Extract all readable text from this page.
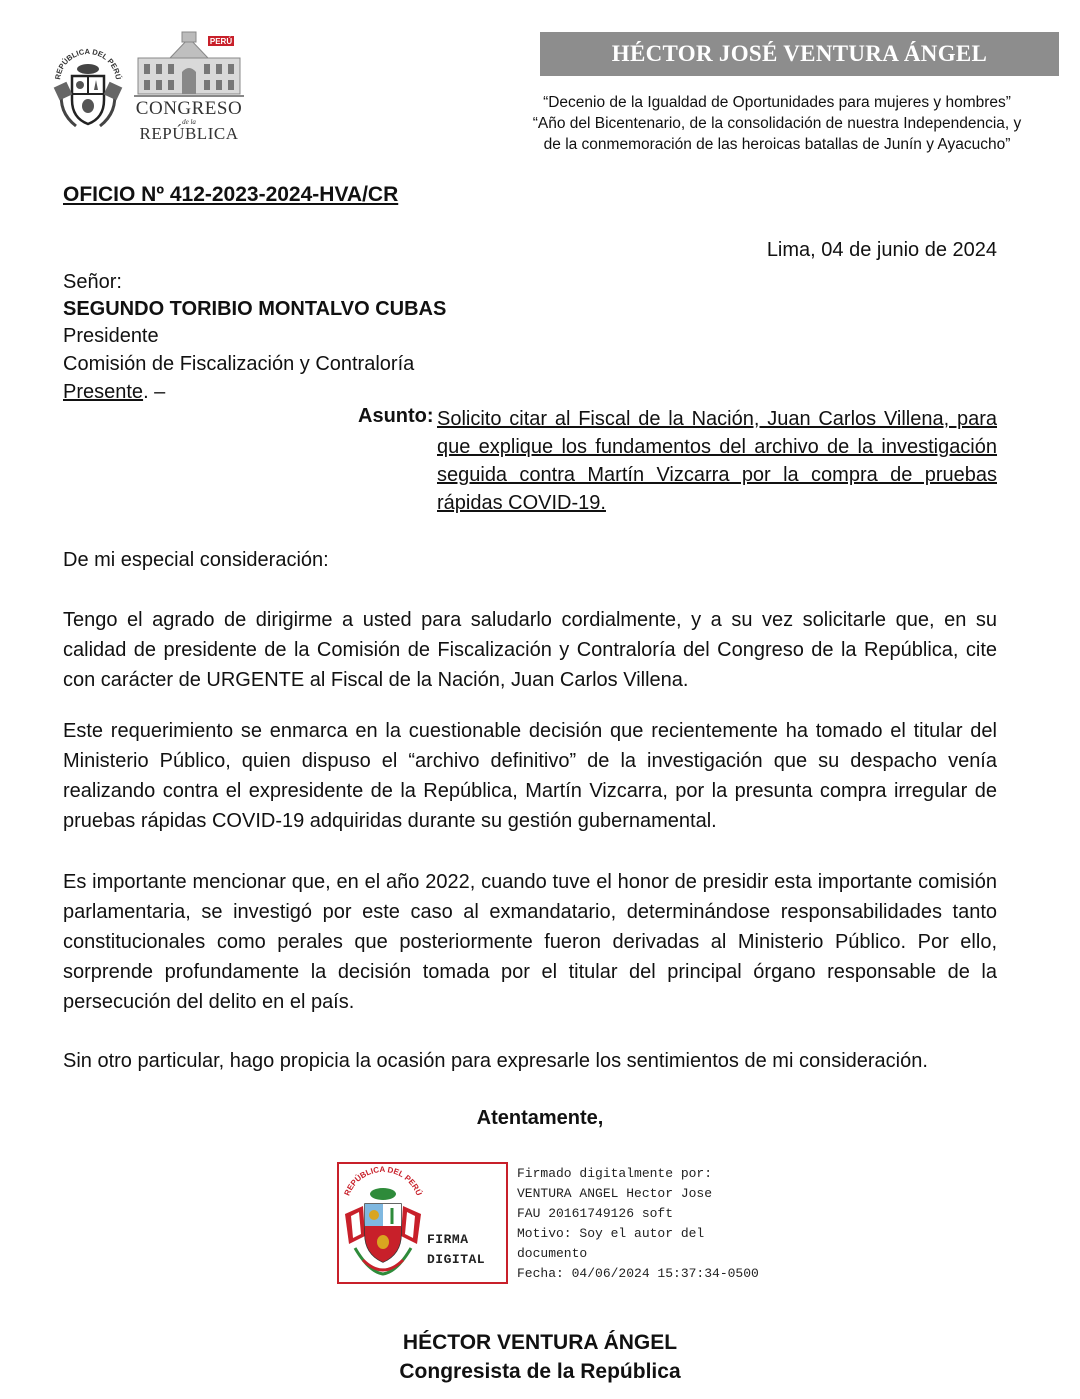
REPÚBLICA DEL PERÚ
PERÚ
CONGRESO
de la
REPÚBLICA
HÉCTOR JOSÉ VENTURA ÁNGEL
“Decenio de la Igualdad de Oportunidades para mujeres y hombres”
“Año del Bicentenario, de la consolidación de nuestra Independencia, y
de la conmemoración de las heroicas batallas de Junín y Ayacucho”
OFICIO Nº 412-2023-2024-HVA/CR
Lima, 04 de junio de 2024
Señor:
SEGUNDO TORIBIO MONTALVO CUBAS
Presidente
Comisión de Fiscalización y Contraloría
Presente. –
Asunto: Solicito citar al Fiscal de la Nación, Juan Carlos Villena, para que explique los fundamentos del archivo de la investigación seguida contra Martín Vizcarra por la compra de pruebas rápidas COVID-19.
De mi especial consideración:
Tengo el agrado de dirigirme a usted para saludarlo cordialmente, y a su vez solicitarle que, en su calidad de presidente de la Comisión de Fiscalización y Contraloría del Congreso de la República, cite con carácter de URGENTE al Fiscal de la Nación, Juan Carlos Villena.
Este requerimiento se enmarca en la cuestionable decisión que recientemente ha tomado el titular del Ministerio Público, quien dispuso el “archivo definitivo” de la investigación que su despacho venía realizando contra el expresidente de la República, Martín Vizcarra, por la presunta compra irregular de pruebas rápidas COVID-19 adquiridas durante su gestión gubernamental.
Es importante mencionar que, en el año 2022, cuando tuve el honor de presidir esta importante comisión parlamentaria, se investigó por este caso al exmandatario, determinándose responsabilidades tanto constitucionales como perales que posteriormente fueron derivadas al Ministerio Público. Por ello, sorprende profundamente la decisión tomada por el titular del principal órgano responsable de la persecución del delito en el país.
Sin otro particular, hago propicia la ocasión para expresarle los sentimientos de mi consideración.
Atentamente,
REPÚBLICA DEL PERÚ
FIRMA
DIGITAL
Firmado digitalmente por:
VENTURA ANGEL Hector Jose
FAU 20161749126 soft
Motivo: Soy el autor del
documento
Fecha: 04/06/2024 15:37:34-0500
HÉCTOR VENTURA ÁNGEL
Congresista de la República
